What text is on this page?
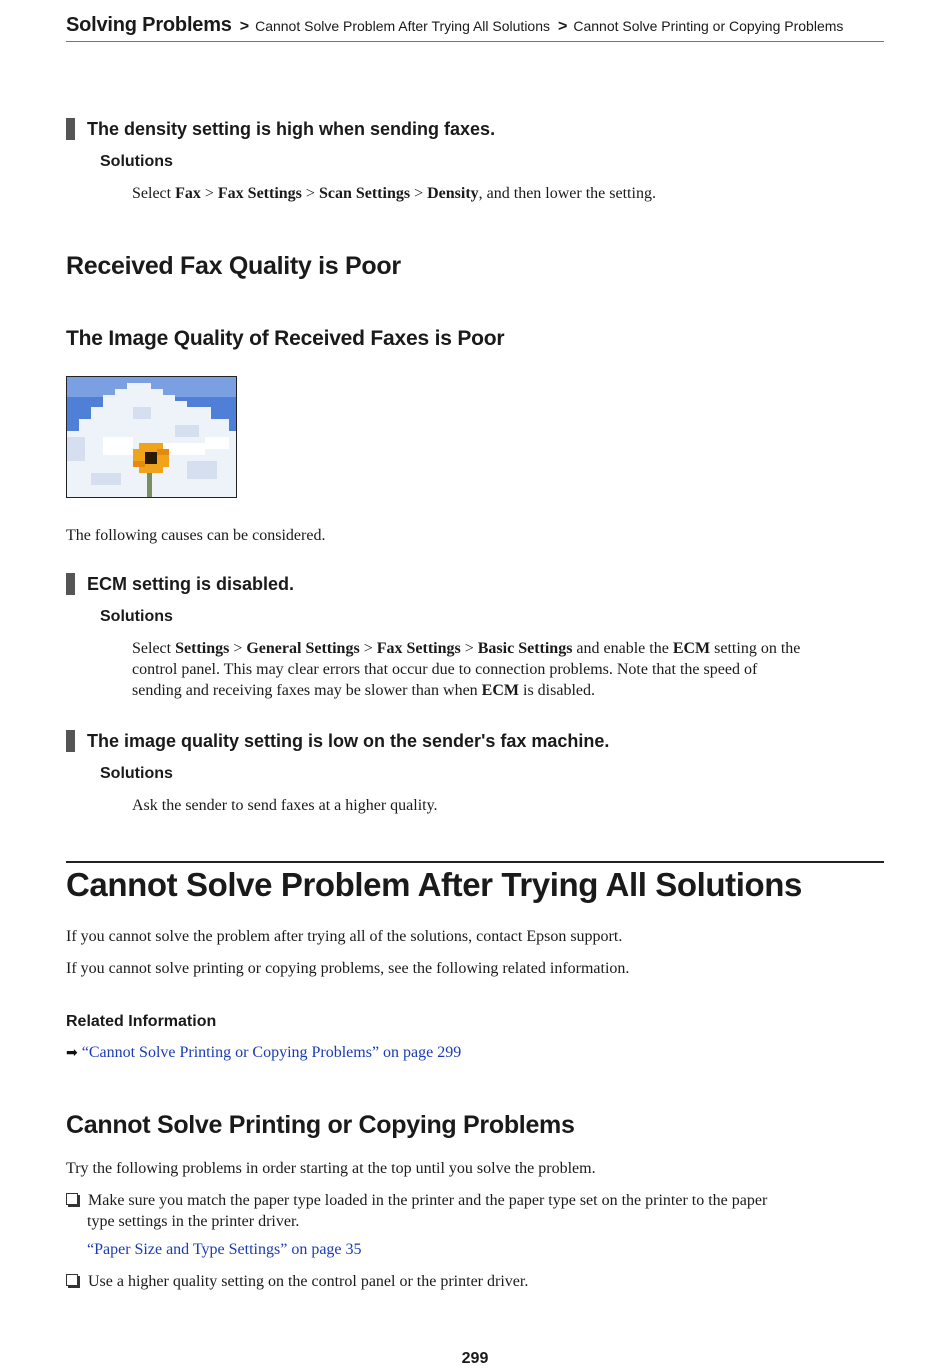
Solving Problems > Cannot Solve Problem After Trying All Solutions > Cannot Solve Printing or Copying Problems
The density setting is high when sending faxes.
Solutions
Select Fax > Fax Settings > Scan Settings > Density, and then lower the setting.
Received Fax Quality is Poor
The Image Quality of Received Faxes is Poor
The following causes can be considered.
ECM setting is disabled.
Solutions
Select Settings > General Settings > Fax Settings > Basic Settings and enable the ECM setting on the
control panel. This may clear errors that occur due to connection problems. Note that the speed of
sending and receiving faxes may be slower than when ECM is disabled.
The image quality setting is low on the sender's fax machine.
Solutions
Ask the sender to send faxes at a higher quality.
Cannot Solve Problem After Trying All Solutions
If you cannot solve the problem after trying all of the solutions, contact Epson support.
If you cannot solve printing or copying problems, see the following related information.
Related Information
➡ “Cannot Solve Printing or Copying Problems” on page 299
Cannot Solve Printing or Copying Problems
Try the following problems in order starting at the top until you solve the problem.
Make sure you match the paper type loaded in the printer and the paper type set on the printer to the paper
type settings in the printer driver.
“Paper Size and Type Settings” on page 35
Use a higher quality setting on the control panel or the printer driver.
299
